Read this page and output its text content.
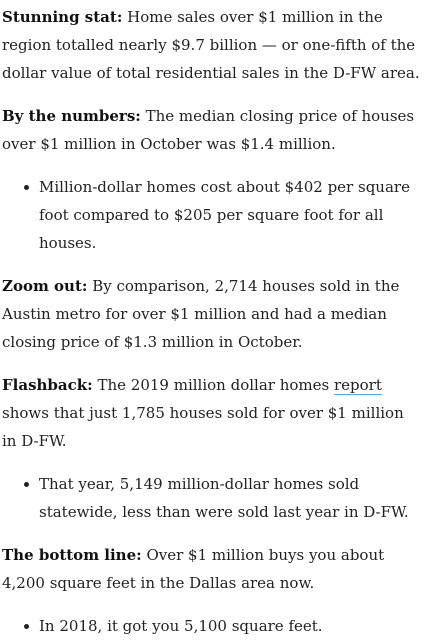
Stunning stat: Home sales over $1 million in the region totalled nearly $9.7 billion — or one-fifth of the dollar value of total residential sales in the D-FW area.

By the numbers: The median closing price of houses over $1 million in October was $1.4 million.

Million-dollar homes cost about $402 per square foot compared to $205 per square foot for all houses.

Zoom out: By comparison, 2,714 houses sold in the Austin metro for over $1 million and had a median closing price of $1.3 million in October.

Flashback: The 2019 million dollar homes report shows that just 1,785 houses sold for over $1 million in D-FW.

That year, 5,149 million-dollar homes sold statewide, less than were sold last year in D-FW.

The bottom line: Over $1 million buys you about 4,200 square feet in the Dallas area now.

In 2018, it got you 5,100 square feet.
